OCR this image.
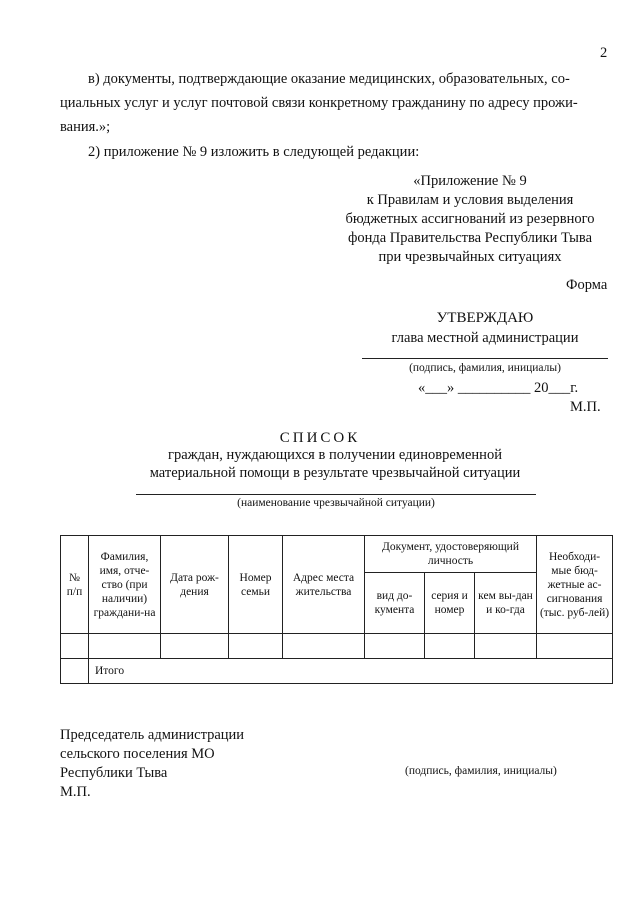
2
в) документы, подтверждающие оказание медицинских, образовательных, со-
циальных услуг и услуг почтовой связи конкретному гражданину по адресу прожи-
вания.»;
2) приложение № 9 изложить в следующей редакции:
«Приложение № 9
к Правилам и условия выделения
бюджетных ассигнований из резервного
фонда Правительства Республики Тыва
при чрезвычайных ситуациях
Форма
УТВЕРЖДАЮ
глава местной администрации
(подпись, фамилия, инициалы)
«___» __________ 20___г.
М.П.
СПИСОК
граждан, нуждающихся в получении единовременной
материальной помощи в результате чрезвычайной ситуации
(наименование чрезвычайной ситуации)
№ п/п	Фамилия, имя, отче-ство (при наличии) граждани-на	Дата рож-дения	Номер семьи	Адрес места жительства	Документ, удостоверяющий личность			Необходи-мые бюд-жетные ас-сигнования (тыс. руб-лей)
					вид до-кумента	серия и номер	кем вы-дан и ко-гда	

	Итого							
Председатель администрации
сельского поселения МО
Республики Тыва
М.П.
(подпись, фамилия, инициалы)
